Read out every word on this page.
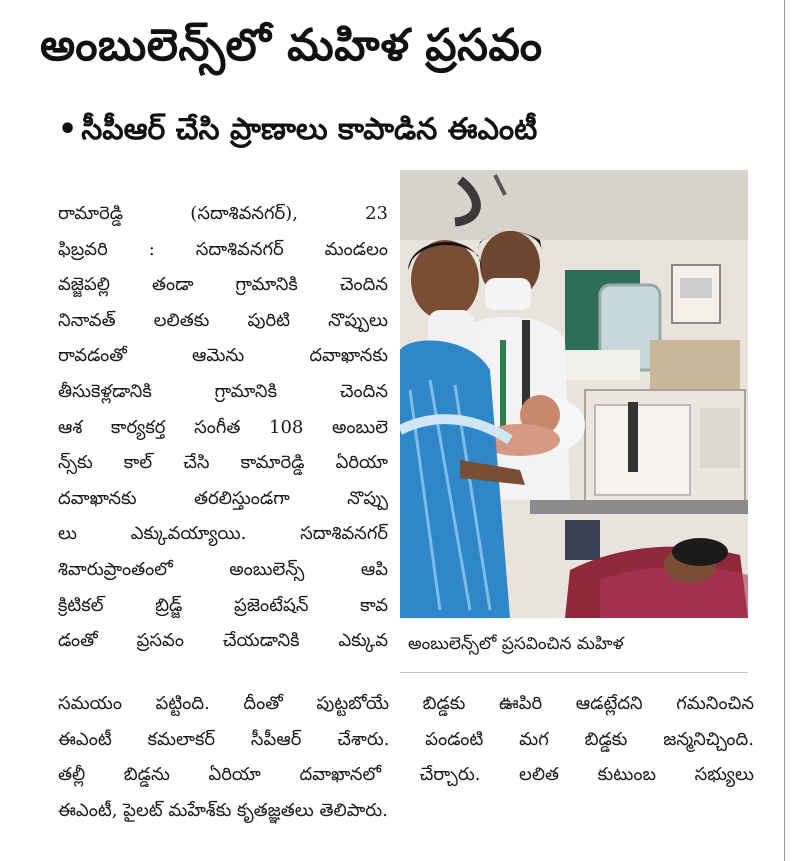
అంబులెన్స్‌లో మహిళ ప్రసవం
• సీపీఆర్‌ చేసి ప్రాణాలు కాపాడిన ఈఎంటీ
రామారెడ్డి (సదాశివనగర్‌), 23
ఫిబ్రవరి : సదాశివనగర్‌ మండలం
వజ్జెపల్లి తండా గ్రామానికి చెందిన
నినావత్‌ లలితకు పురిటి నొప్పులు
రావడంతో ఆమెను దవాఖానకు
తీసుకెళ్లడానికి గ్రామానికి చెందిన
ఆశ కార్యకర్త సంగీత 108 అంబులె
న్స్‌కు కాల్‌ చేసి కామారెడ్డి ఏరియా
దవాఖానకు తరలిస్తుండగా నొప్పు
లు ఎక్కువయ్యాయి. సదాశివనగర్‌
శివారుప్రాంతంలో అంబులెన్స్‌ ఆపి
క్రిటికల్‌ బ్రిడ్జ్‌ ప్రజెంటేషన్‌ కావ
డంతో ప్రసవం చేయడానికి ఎక్కువ అంబులెన్స్‌లో ప్రసవించిన మహిళ
సమయం పట్టింది. దీంతో పుట్టబోయే బిడ్డకు ఊపిరి ఆడట్లేదని గమనించిన
ఈఎంటీ కమలాకర్‌ సీపీఆర్‌ చేశారు. పండంటి మగ బిడ్డకు జన్మనిచ్చింది.
తల్లీ బిడ్డను ఏరియా దవాఖానలో చేర్చారు. లలిత కుటుంబ సభ్యులు
ఈఎంటీ, పైలట్‌ మహేశ్‌కు కృతజ్ఞతలు తెలిపారు.
